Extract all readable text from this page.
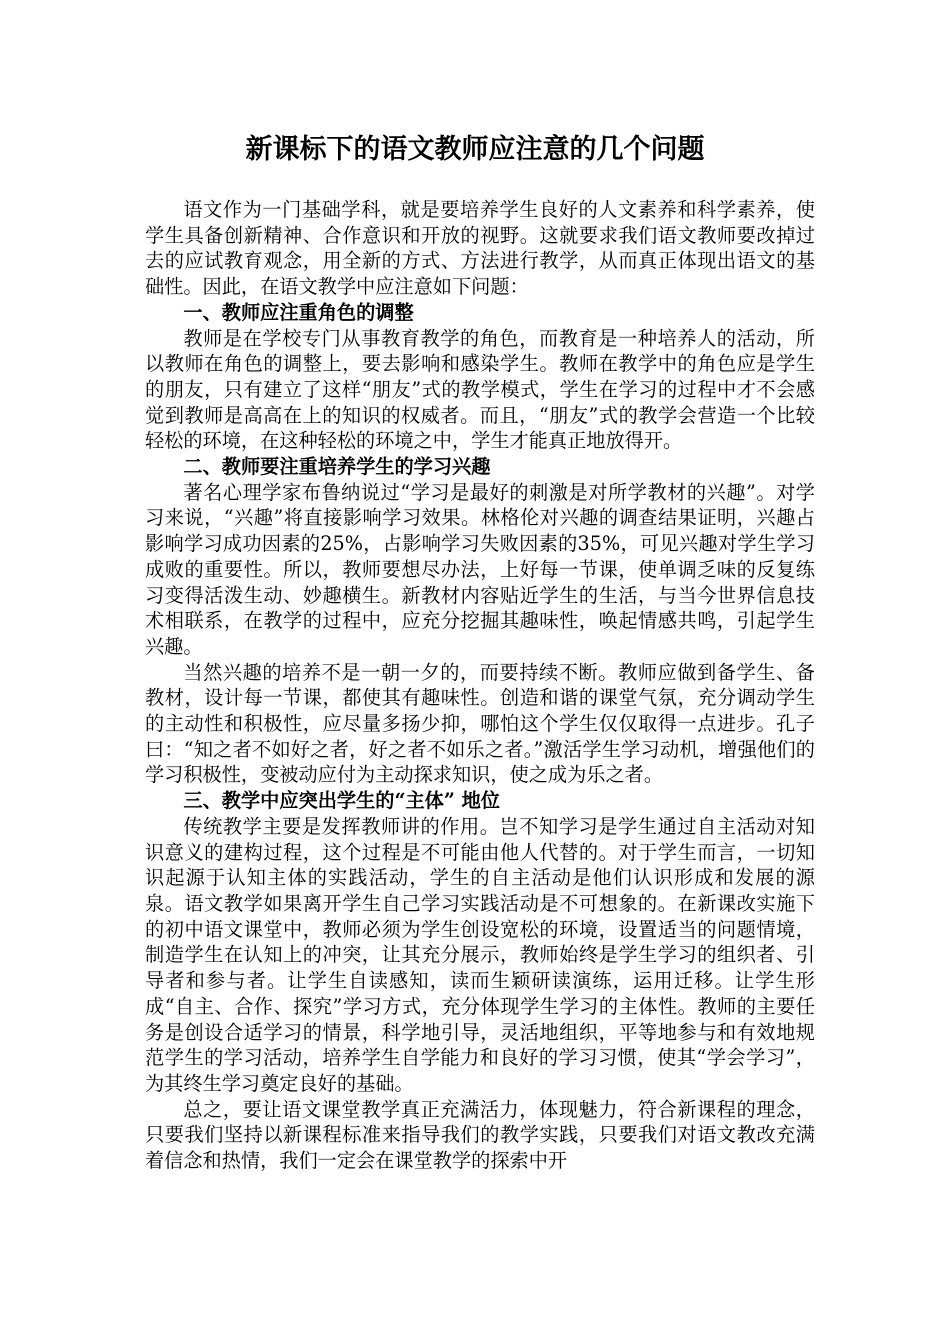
新课标下的语文教师应注意的几个问题

语文作为一门基础学科，就是要培养学生良好的人文素养和科学素养，使学生具备创新精神、合作意识和开放的视野。这就要求我们语文教师要改掉过去的应试教育观念，用全新的方式、方法进行教学，从而真正体现出语文的基础性。因此，在语文教学中应注意如下问题：

一、教师应注重角色的调整

教师是在学校专门从事教育教学的角色，而教育是一种培养人的活动，所以教师在角色的调整上，要去影响和感染学生。教师在教学中的角色应是学生的朋友，只有建立了这样“朋友”式的教学模式，学生在学习的过程中才不会感觉到教师是高高在上的知识的权威者。而且，“朋友”式的教学会营造一个比较轻松的环境，在这种轻松的环境之中，学生才能真正地放得开。

二、教师要注重培养学生的学习兴趣

著名心理学家布鲁纳说过“学习是最好的刺激是对所学教材的兴趣”。对学习来说，“兴趣”将直接影响学习效果。林格伦对兴趣的调查结果证明，兴趣占影响学习成功因素的25%，占影响学习失败因素的35%，可见兴趣对学生学习成败的重要性。所以，教师要想尽办法，上好每一节课，使单调乏味的反复练习变得活泼生动、妙趣横生。新教材内容贴近学生的生活，与当今世界信息技术相联系，在教学的过程中，应充分挖掘其趣味性，唤起情感共鸣，引起学生兴趣。

当然兴趣的培养不是一朝一夕的，而要持续不断。教师应做到备学生、备教材，设计每一节课，都使其有趣味性。创造和谐的课堂气氛，充分调动学生的主动性和积极性，应尽量多扬少抑，哪怕这个学生仅仅取得一点进步。孔子曰：“知之者不如好之者，好之者不如乐之者。”激活学生学习动机，增强他们的学习积极性，变被动应付为主动探求知识，使之成为乐之者。

三、教学中应突出学生的“主体” 地位

传统教学主要是发挥教师讲的作用。岂不知学习是学生通过自主活动对知识意义的建构过程，这个过程是不可能由他人代替的。对于学生而言，一切知识起源于认知主体的实践活动，学生的自主活动是他们认识形成和发展的源泉。语文教学如果离开学生自己学习实践活动是不可想象的。在新课改实施下的初中语文课堂中，教师必须为学生创设宽松的环境，设置适当的问题情境，制造学生在认知上的冲突，让其充分展示，教师始终是学生学习的组织者、引导者和参与者。让学生自读感知，读而生颖研读演练，运用迁移。让学生形成“自主、合作、探究”学习方式，充分体现学生学习的主体性。教师的主要任务是创设合适学习的情景，科学地引导，灵活地组织，平等地参与和有效地规范学生的学习活动，培养学生自学能力和良好的学习习惯，使其“学会学习”，为其终生学习奠定良好的基础。

总之，要让语文课堂教学真正充满活力，体现魅力，符合新课程的理念，只要我们坚持以新课程标准来指导我们的教学实践，只要我们对语文教改充满着信念和热情，我们一定会在课堂教学的探索中开
